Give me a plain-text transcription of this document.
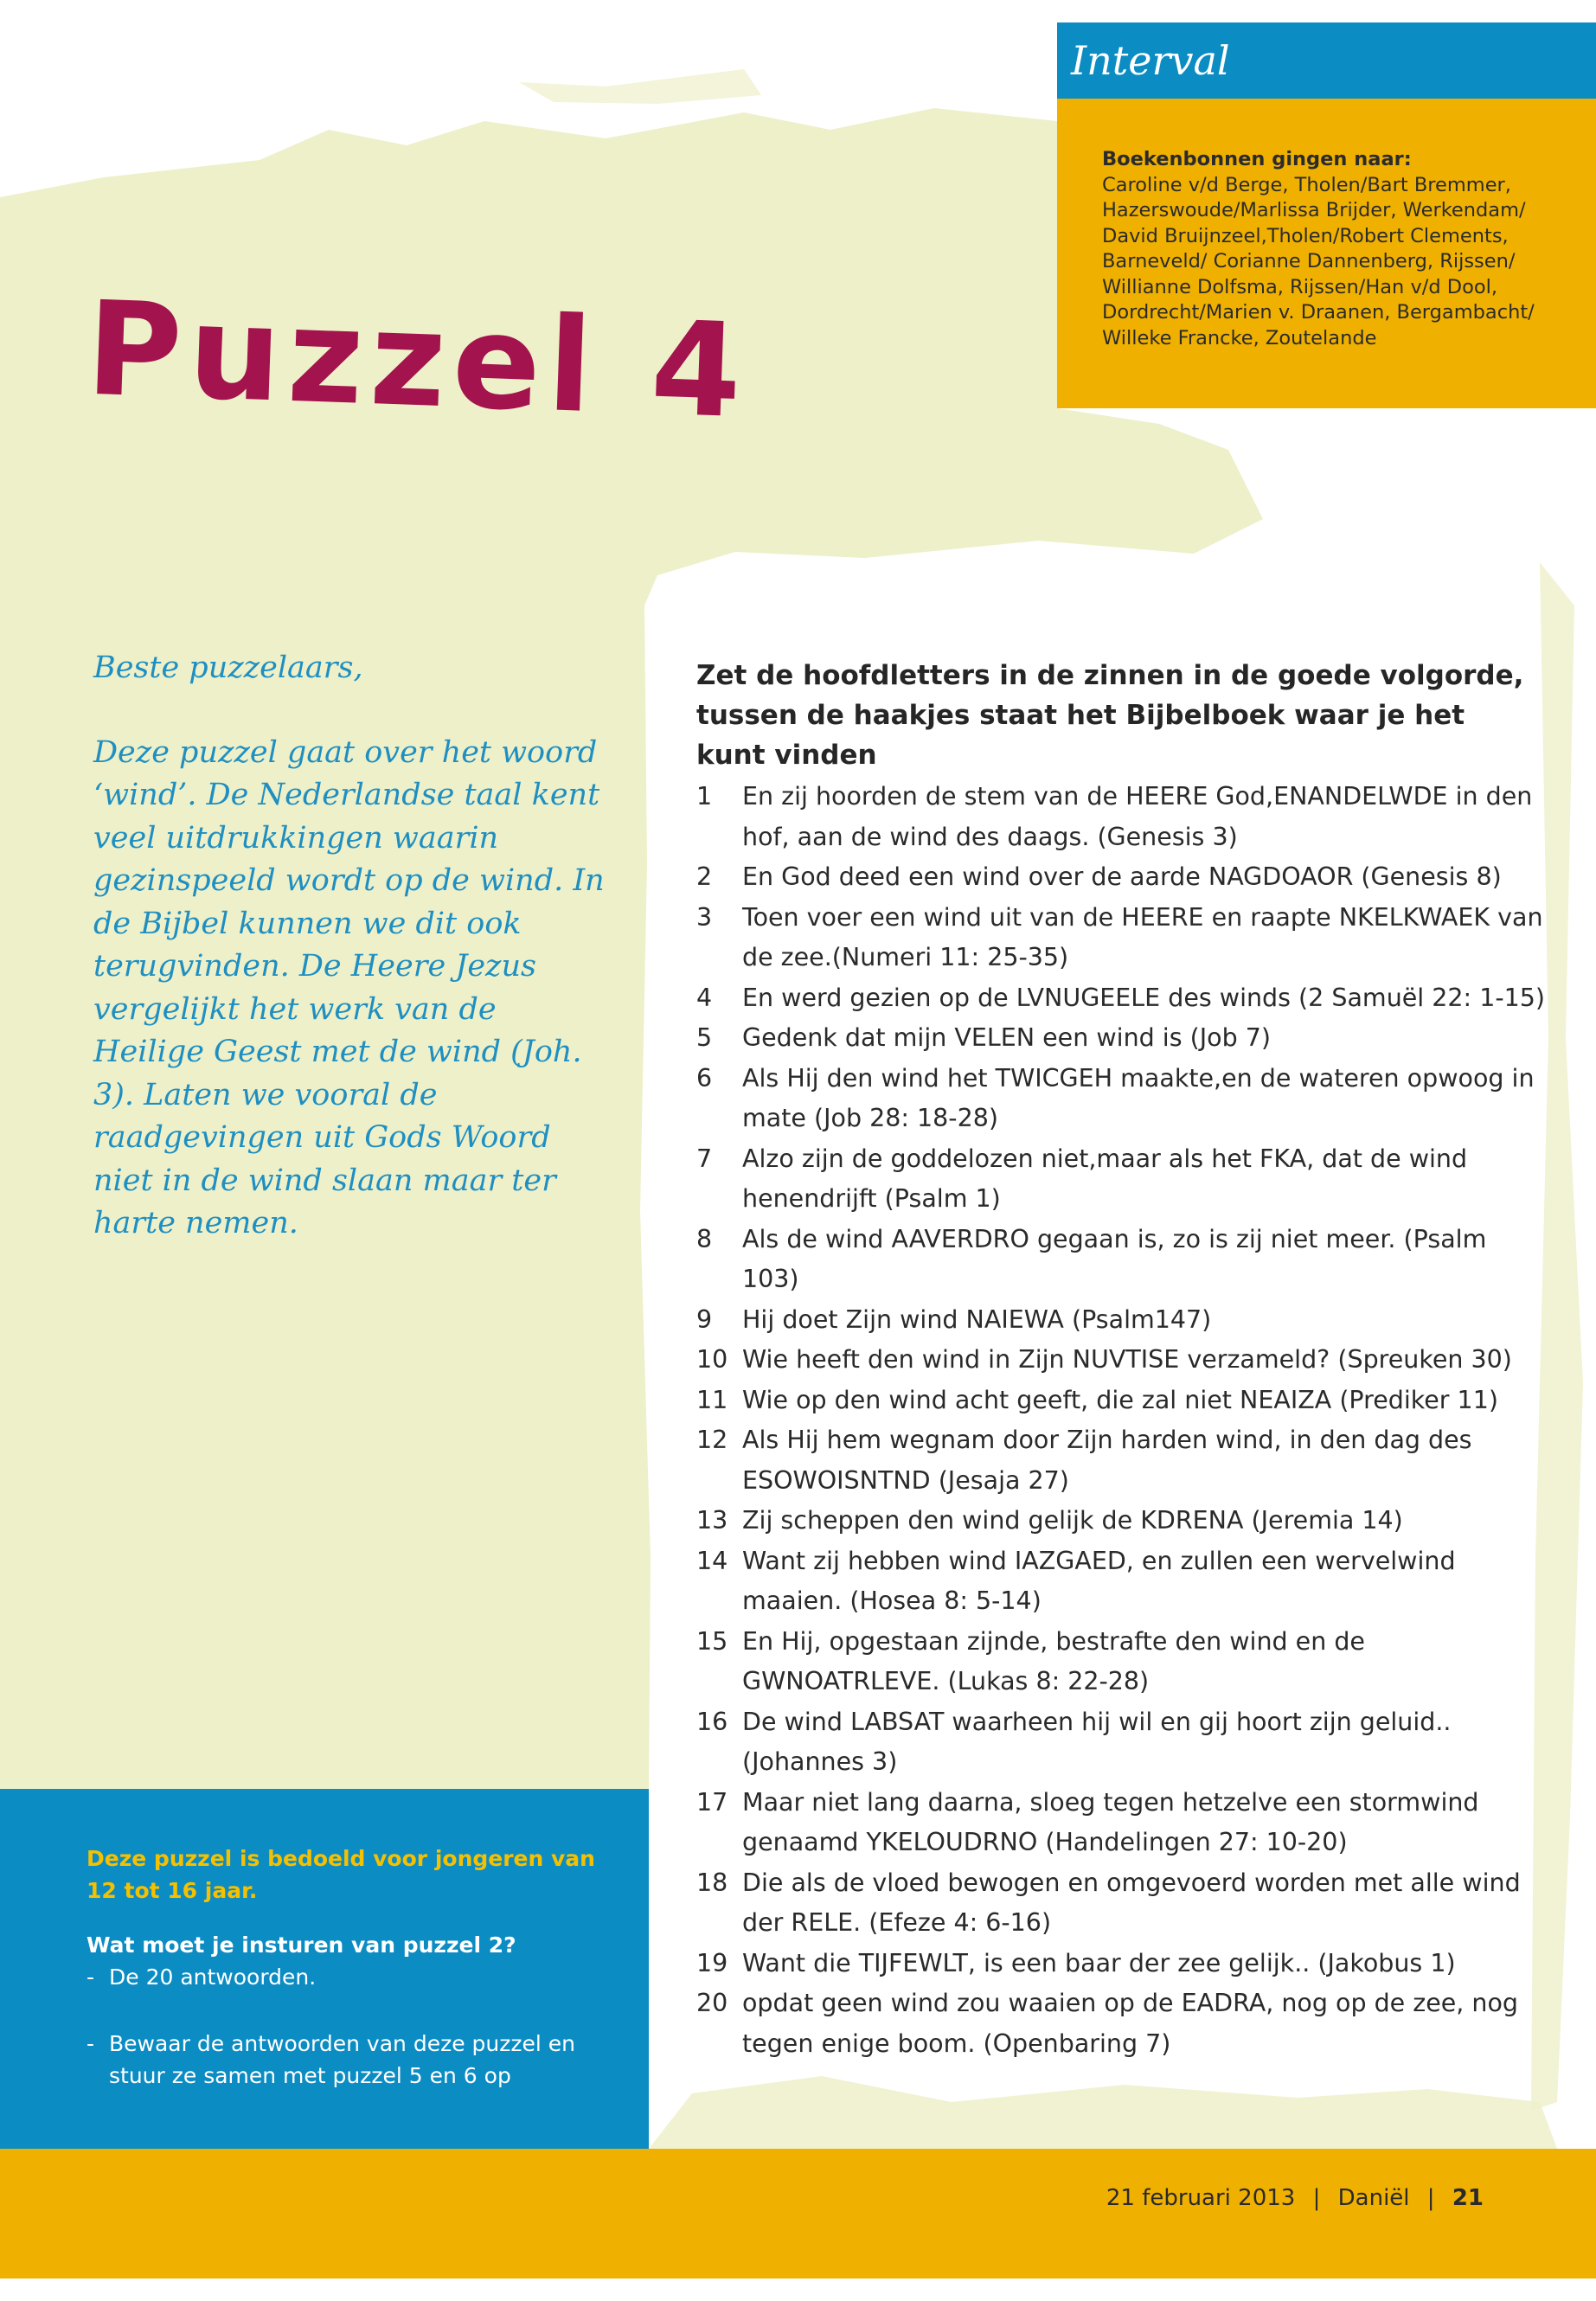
Interval
Boekenbonnen gingen naar:
Caroline v/d Berge, Tholen/Bart Bremmer,
Hazerswoude/Marlissa Brijder, Werkendam/
David Bruijnzeel,Tholen/Robert Clements,
Barneveld/ Corianne Dannenberg, Rijssen/
Willianne Dolfsma, Rijssen/Han v/d Dool,
Dordrecht/Marien v. Draanen, Bergambacht/
Willeke Francke, Zoutelande
Puzzel 4
Beste puzzelaars,
Deze puzzel gaat over het woord ‘wind’. De Nederlandse taal kent veel uitdrukkingen waarin gezinspeeld wordt op de wind. In de Bijbel kunnen we dit ook terugvinden. De Heere Jezus vergelijkt het werk van de Heilige Geest met de wind (Joh. 3). Laten we vooral de raadgevingen uit Gods Woord niet in de wind slaan maar ter harte nemen.
Deze puzzel is bedoeld voor jongeren van 12 tot 16 jaar.
Wat moet je insturen van puzzel 2?
- De 20 antwoorden.
- Bewaar de antwoorden van deze puzzel en stuur ze samen met puzzel 5 en 6 op
Zet de hoofdletters in de zinnen in de goede volgorde, tussen de haakjes staat het Bijbelboek waar je het kunt vinden
1	En zij hoorden de stem van de HEERE God,ENANDELWDE in den hof, aan de wind des daags. (Genesis 3)
2	En God deed een wind over de aarde NAGDOAOR (Genesis 8)
3	Toen voer een wind uit van de HEERE en raapte NKELKWAEK van de zee.(Numeri 11: 25-35)
4	En werd gezien op de LVNUGEELE des winds (2 Samuël 22: 1-15)
5	Gedenk dat mijn VELEN een wind is (Job 7)
6	Als Hij den wind het TWICGEH maakte,en de wateren opwoog in mate (Job 28: 18-28)
7	Alzo zijn de goddelozen niet,maar als het FKA, dat de wind henendrijft (Psalm 1)
8	Als de wind AAVERDRO gegaan is, zo is zij niet meer. (Psalm 103)
9	Hij doet Zijn wind NAIEWA (Psalm147)
10 Wie heeft den wind in Zijn NUVTISE verzameld? (Spreuken 30)
11 Wie op den wind acht geeft, die zal niet NEAIZA (Prediker 11)
12 Als Hij hem wegnam door Zijn harden wind, in den dag des ESOWOISNTND (Jesaja 27)
13 Zij scheppen den wind gelijk de KDRENA (Jeremia 14)
14 Want zij hebben wind IAZGAED, en zullen een wervelwind maaien. (Hosea 8: 5-14)
15 En Hij, opgestaan zijnde, bestrafte den wind en de GWNOATRLEVE. (Lukas 8: 22-28)
16 De wind LABSAT waarheen hij wil en gij hoort zijn geluid.. (Johannes 3)
17 Maar niet lang daarna, sloeg tegen hetzelve een stormwind genaamd YKELOUDRNO (Handelingen 27: 10-20)
18 Die als de vloed bewogen en omgevoerd worden met alle wind der RELE. (Efeze 4: 6-16)
19 Want die TIJFEWLT, is een baar der zee gelijk.. (Jakobus 1)
20 opdat geen wind zou waaien op de EADRA, nog op de zee, nog tegen enige boom. (Openbaring 7)
21 februari 2013 | Daniël | 21
